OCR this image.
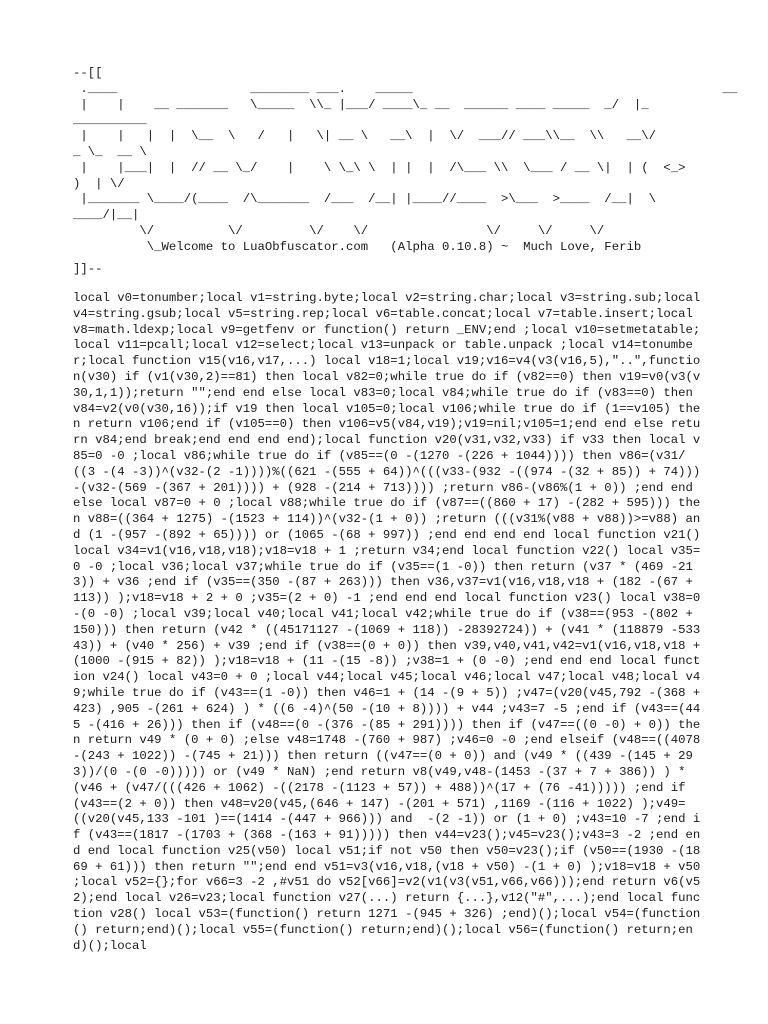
--[[
.____                  ________ ___.    _____                                          __
|    |    __ _______   \_____  \\_ |___/ ____\_ __  ______ ____ _____  _/  |_
__________
|    |   |  |  \__  \   /   |   \| __ \   __\  |  \/  ___// ___\\__  \\   __\/
_ \_  __ \
|    |___|  |  // __ \_/    |    \ \_\ \  | |  |  /\___ \\  \___ / __ \|  | (  <_>
)  | \/
|_______ \____/(____  /\_______  /___  /__| |____//____  >\___  >____  /__|  \
____/|__|
\/          \/         \/    \/                \/     \/     \/
\_Welcome to LuaObfuscator.com   (Alpha 0.10.8) ~  Much Love, Ferib
]]--
local v0=tonumber;local v1=string.byte;local v2=string.char;local v3=string.sub;local v4=string.gsub;local v5=string.rep;local v6=table.concat;local v7=table.insert;local v8=math.ldexp;local v9=getfenv or function() return _ENV;end ;local v10=setmetatable;local v11=pcall;local v12=select;local v13=unpack or table.unpack ;local v14=tonumber;local function v15(v16,v17,...) local v18=1;local v19;v16=v4(v3(v16,5),"..",function(v30) if (v1(v30,2)==81) then local v82=0;while true do if (v82==0) then v19=v0(v3(v30,1,1));return "";end end else local v83=0;local v84;while true do if (v83==0) then v84=v2(v0(v30,16));if v19 then local v105=0;local v106;while true do if (1==v105) then return v106;end if (v105==0) then v106=v5(v84,v19);v19=nil;v105=1;end end else return v84;end break;end end end end);local function v20(v31,v32,v33) if v33 then local v85=0 -0 ;local v86;while true do if (v85==(0 -(1270 -(226 + 1044)))) then v86=(v31/((3 -(4 -3))^(v32-(2 -1))))%((621 -(555 + 64))^(((v33-(932 -((974 -(32 + 85)) + 74))) -(v32-(569 -(367 + 201)))) + (928 -(214 + 713)))) ;return v86-(v86%(1 + 0)) ;end end else local v87=0 + 0 ;local v88;while true do if (v87==((860 + 17) -(282 + 595))) then v88=((364 + 1275) -(1523 + 114))^(v32-(1 + 0)) ;return (((v31%(v88 + v88))>=v88) and (1 -(957 -(892 + 65)))) or (1065 -(68 + 997)) ;end end end end local function v21() local v34=v1(v16,v18,v18);v18=v18 + 1 ;return v34;end local function v22() local v35=0 -0 ;local v36;local v37;while true do if (v35==(1 -0)) then return (v37 * (469 -213)) + v36 ;end if (v35==(350 -(87 + 263))) then v36,v37=v1(v16,v18,v18 + (182 -(67 + 113)) );v18=v18 + 2 + 0 ;v35=(2 + 0) -1 ;end end end local function v23() local v38=0 -(0 -0) ;local v39;local v40;local v41;local v42;while true do if (v38==(953 -(802 + 150))) then return (v42 * ((45171127 -(1069 + 118)) -28392724)) + (v41 * (118879 -53343)) + (v40 * 256) + v39 ;end if (v38==(0 + 0)) then v39,v40,v41,v42=v1(v16,v18,v18 + (1000 -(915 + 82)) );v18=v18 + (11 -(15 -8)) ;v38=1 + (0 -0) ;end end end local function v24() local v43=0 + 0 ;local v44;local v45;local v46;local v47;local v48;local v49;while true do if (v43==(1 -0)) then v46=1 + (14 -(9 + 5)) ;v47=(v20(v45,792 -(368 + 423) ,905 -(261 + 624) ) * ((6 -4)^(50 -(10 + 8)))) + v44 ;v43=7 -5 ;end if (v43==(445 -(416 + 26))) then if (v48==(0 -(376 -(85 + 291)))) then if (v47==((0 -0) + 0)) then return v49 * (0 + 0) ;else v48=1748 -(760 + 987) ;v46=0 -0 ;end elseif (v48==((4078 -(243 + 1022)) -(745 + 21))) then return ((v47==(0 + 0)) and (v49 * ((439 -(145 + 293))/(0 -(0 -0))))) or (v49 * NaN) ;end return v8(v49,v48-(1453 -(37 + 7 + 386)) ) * (v46 + (v47/(((426 + 1062) -((2178 -(1123 + 57)) + 488))^(17 + (76 -41))))) ;end if (v43==(2 + 0)) then v48=v20(v45,(646 + 147) -(201 + 571) ,1169 -(116 + 1022) );v49=((v20(v45,133 -101 )==(1414 -(447 + 966))) and  -(2 -1)) or (1 + 0) ;v43=10 -7 ;end if (v43==(1817 -(1703 + (368 -(163 + 91))))) then v44=v23();v45=v23();v43=3 -2 ;end end end local function v25(v50) local v51;if not v50 then v50=v23();if (v50==(1930 -(1869 + 61))) then return "";end end v51=v3(v16,v18,(v18 + v50) -(1 + 0) );v18=v18 + v50 ;local v52={};for v66=3 -2 ,#v51 do v52[v66]=v2(v1(v3(v51,v66,v66)));end return v6(v52);end local v26=v23;local function v27(...) return {...},v12("#",...);end local function v28() local v53=(function() return 1271 -(945 + 326) ;end)();local v54=(function() return;end)();local v55=(function() return;end)();local v56=(function() return;end)();local
